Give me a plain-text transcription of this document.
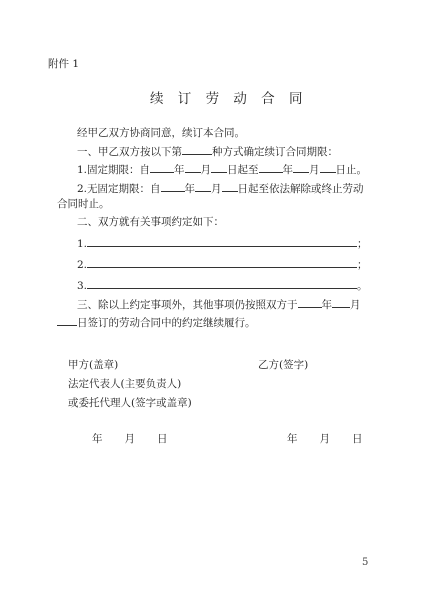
附件 1
续 订 劳 动 合 同
经甲乙双方协商同意，续订本合同。
一、甲乙双方按以下第	种方式确定续订合同期限：
1.固定期限：自 年 月 日起至 年 月 日止。
2.无固定期限：自 年 月 日起至依法解除或终止劳动
合同时止。
二、双方就有关事项约定如下：
1.	；
2.	；
3.	。
三、除以上约定事项外，其他事项仍按照双方于 年 月
日签订的劳动合同中的约定继续履行。
甲方(盖章)	乙方(签字)
法定代表人(主要负责人)
或委托代理人(签字或盖章)
年 月 日	年 月 日
5
